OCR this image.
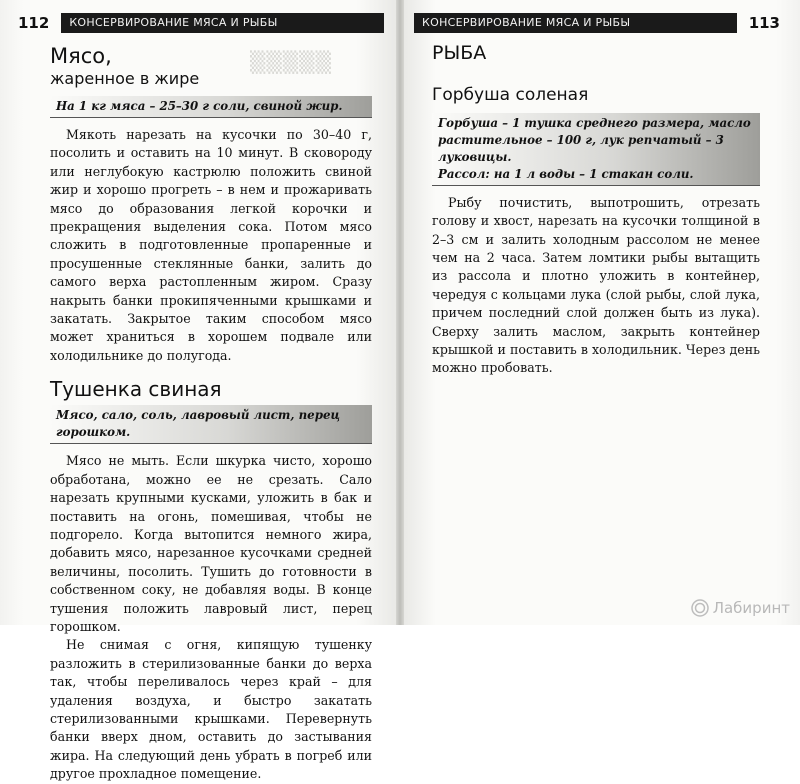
▒▒▒▒▒
112	КОНСЕРВИРОВАНИЕ МЯСА И РЫБЫ
Мясо,
жаренное в жире
На 1 кг мяса – 25–30 г соли, свиной жир.

Мякоть нарезать на кусочки по 30–40 г, посолить и оставить на 10 минут. В сковороду или неглубокую кастрюлю положить свиной жир и хорошо прогреть – в нем и прожаривать мясо до образования легкой корочки и прекращения выделения сока. Потом мясо сложить в подготовленные пропаренные и просушенные стеклянные банки, залить до самого верха растопленным жиром. Сразу накрыть банки прокипяченными крышками и закатать. Закрытое таким способом мясо может храниться в хорошем подвале или холодильнике до полугода.

Тушенка свиная
Мясо, сало, соль, лавровый лист, перец горошком.

Мясо не мыть. Если шкурка чисто, хорошо обработана, можно ее не срезать. Сало нарезать крупными кусками, уложить в бак и поставить на огонь, помешивая, чтобы не подгорело. Когда вытопится немного жира, добавить мясо, нарезанное кусочками средней величины, посолить. Тушить до готовности в собственном соку, не добавляя воды. В конце тушения положить лавровый лист, перец горошком.

Не снимая с огня, кипящую тушенку разложить в стерилизованные банки до верха так, чтобы переливалось через край – для удаления воздуха, и быстро закатать стерилизованными крышками. Перевернуть банки вверх дном, оставить до застывания жира. На следующий день убрать в погреб или другое прохладное помещение.

КОНСЕРВИРОВАНИЕ МЯСА И РЫБЫ	113
РЫБА
Горбуша соленая
Горбуша – 1 тушка среднего размера, масло
растительное – 100 г, лук репчатый – 3 луковицы.
Рассол: на 1 л воды – 1 стакан соли.

Рыбу почистить, выпотрошить, отрезать голову и хвост, нарезать на кусочки толщиной в 2–3 см и залить холодным рассолом не менее чем на 2 часа. Затем ломтики рыбы вытащить из рассола и плотно уложить в контейнер, чередуя с кольцами лука (слой рыбы, слой лука, причем последний слой должен быть из лука). Сверху залить маслом, закрыть контейнер крышкой и поставить в холодильник. Через день можно пробовать.

Лабиринт
